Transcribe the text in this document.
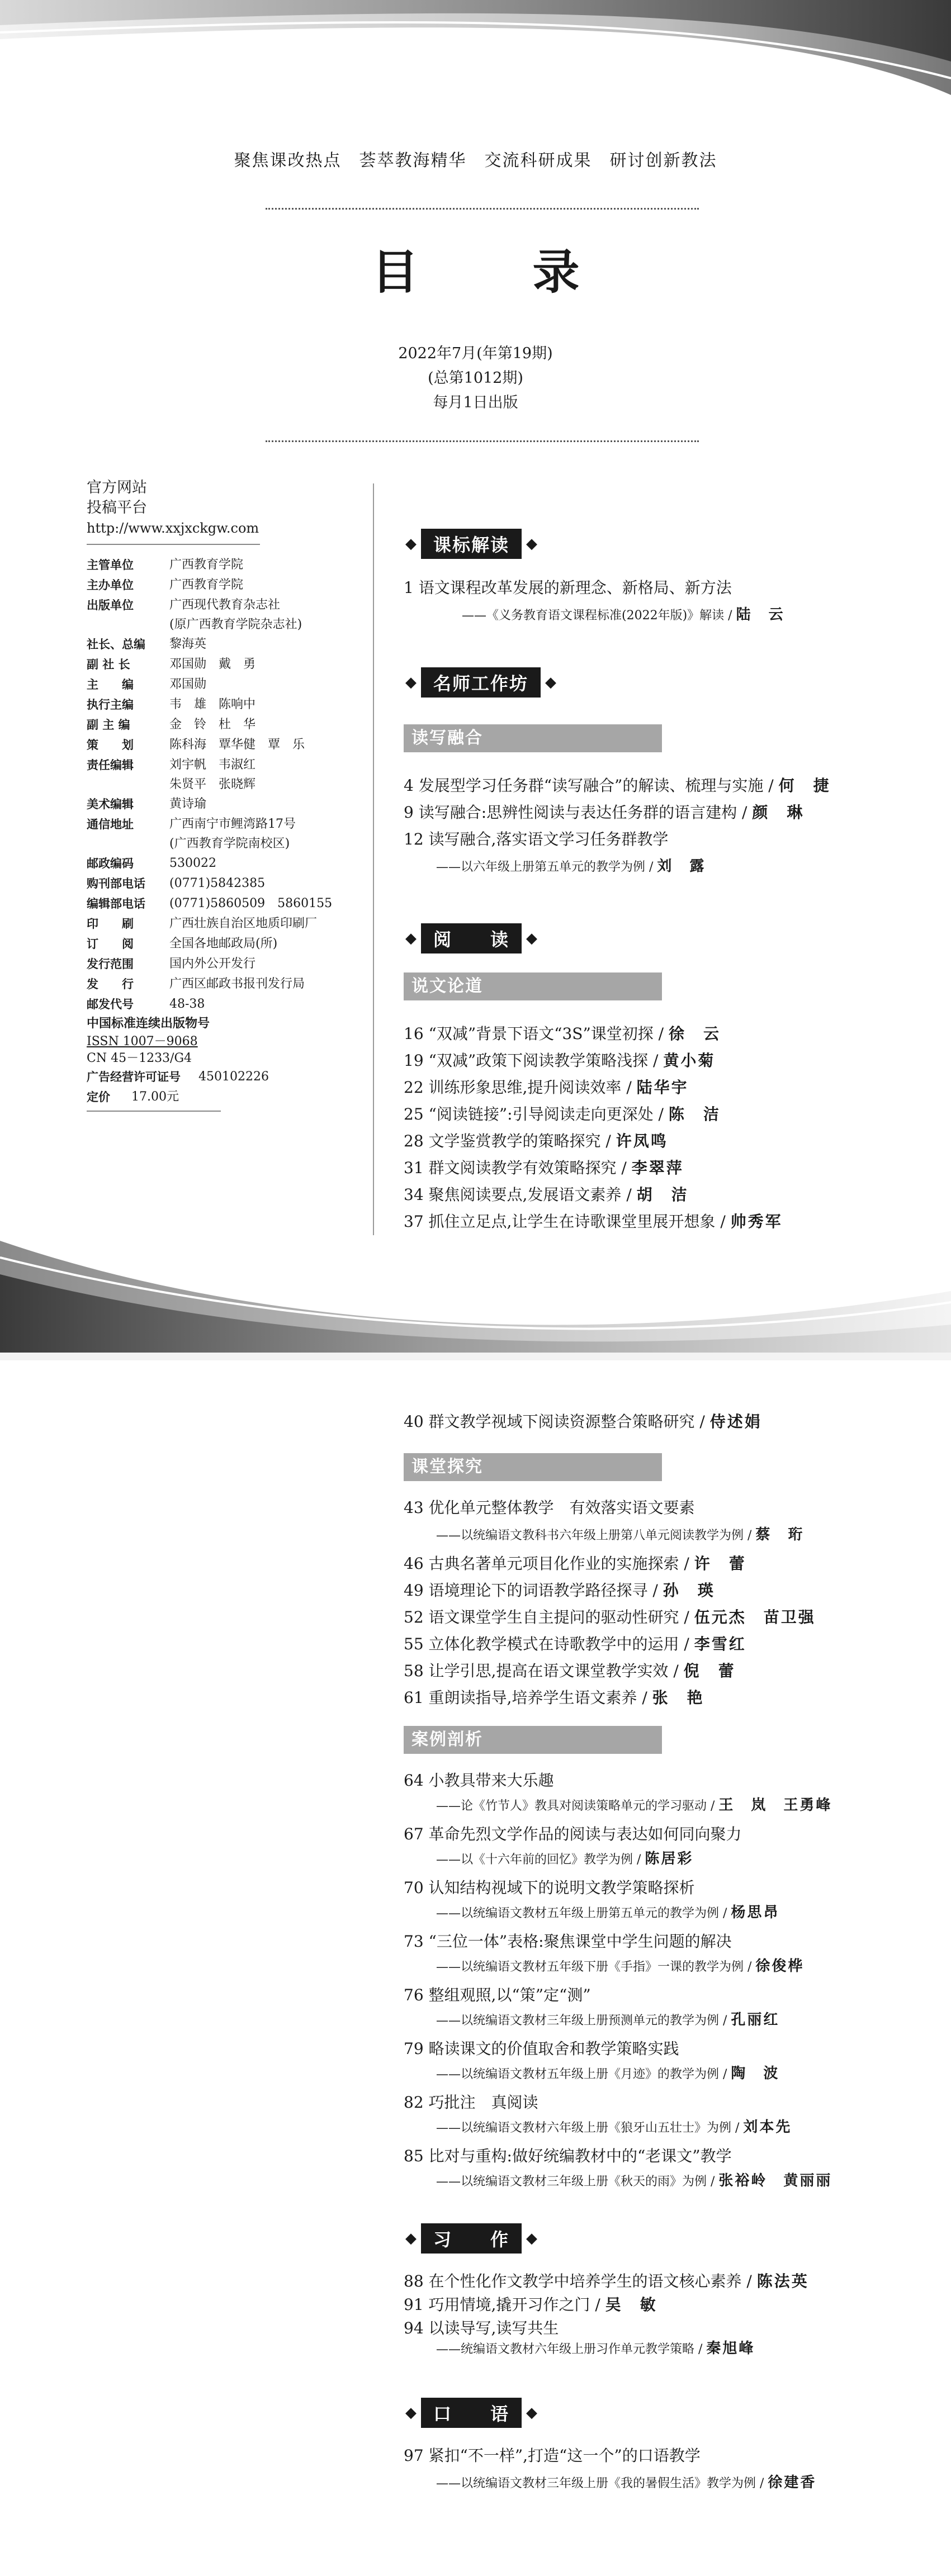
聚焦课改热点　荟萃教海精华　交流科研成果　研讨创新教法
目　录
2022年7月(年第19期)
(总第1012期)
每月1日出版
官方网站
投稿平台
http://www.xxjxckgw.com
主管单位	广西教育学院
主办单位	广西教育学院
出版单位	广西现代教育杂志社
(原广西教育学院杂志社)
社长、总编	黎海英
副 社 长	邓国勋　戴　勇
主　　编	邓国勋
执行主编	韦　雄　陈响中
副 主 编	金　铃　杜　华
策　　划	陈科海　覃华健　覃　乐
责任编辑	刘宇帆　韦淑红
朱贤平　张晓辉
美术编辑	黄诗瑜
通信地址	广西南宁市鲤湾路17号
(广西教育学院南校区)
邮政编码	530022
购刊部电话	(0771)5842385
编辑部电话	(0771)5860509　5860155
印　　刷	广西壮族自治区地质印刷厂
订　　阅	全国各地邮政局(所)
发行范围	国内外公开发行
发　　行	广西区邮政书报刊发行局
邮发代号	48-38
中国标准连续出版物号
ISSN 1007－9068
CN 45－1233/G4
广告经营许可证号	450102226
定价	17.00元
◆ 课标解读	◆
1 语文课程改革发展的新理念、新格局、新方法
——《义务教育语文课程标准(2022年版)》解读 / 陆　云
◆ 名师工作坊	◆
读写融合
4 发展型学习任务群“读写融合”的解读、梳理与实施 / 何　捷
9 读写融合:思辨性阅读与表达任务群的语言建构 / 颜　琳
12 读写融合,落实语文学习任务群教学
——以六年级上册第五单元的教学为例 / 刘　露
◆ 阅　　读	◆
说文论道
16 “双减”背景下语文“3S”课堂初探 / 徐　云
19 “双减”政策下阅读教学策略浅探 / 黄小菊
22 训练形象思维,提升阅读效率 / 陆华宇
25 “阅读链接”:引导阅读走向更深处 / 陈　洁
28 文学鉴赏教学的策略探究 / 许凤鸣
31 群文阅读教学有效策略探究 / 李翠萍
34 聚焦阅读要点,发展语文素养 / 胡　洁
37 抓住立足点,让学生在诗歌课堂里展开想象 / 帅秀军
40 群文教学视域下阅读资源整合策略研究 / 侍述娟
课堂探究
43 优化单元整体教学　有效落实语文要素
——以统编语文教科书六年级上册第八单元阅读教学为例 / 蔡　珩
46 古典名著单元项目化作业的实施探索 / 许　蕾
49 语境理论下的词语教学路径探寻 / 孙　瑛
52 语文课堂学生自主提问的驱动性研究 / 伍元杰　苗卫强
55 立体化教学模式在诗歌教学中的运用 / 李雪红
58 让学引思,提高在语文课堂教学实效 / 倪　蕾
61 重朗读指导,培养学生语文素养 / 张　艳
案例剖析
64 小教具带来大乐趣
——论《竹节人》教具对阅读策略单元的学习驱动 / 王　岚　王勇峰
67 革命先烈文学作品的阅读与表达如何同向聚力
——以《十六年前的回忆》教学为例 / 陈居彩
70 认知结构视域下的说明文教学策略探析
——以统编语文教材五年级上册第五单元的教学为例 / 杨思昂
73 “三位一体”表格:聚焦课堂中学生问题的解决
——以统编语文教材五年级下册《手指》一课的教学为例 / 徐俊桦
76 整组观照,以“策”定“测”
——以统编语文教材三年级上册预测单元的教学为例 / 孔丽红
79 略读课文的价值取舍和教学策略实践
——以统编语文教材五年级上册《月迹》的教学为例 / 陶　波
82 巧批注　真阅读
——以统编语文教材六年级上册《狼牙山五壮士》为例 / 刘本先
85 比对与重构:做好统编教材中的“老课文”教学
——以统编语文教材三年级上册《秋天的雨》为例 / 张裕岭　黄丽丽
◆ 习　　作	◆
88 在个性化作文教学中培养学生的语文核心素养 / 陈法英
91 巧用情境,撬开习作之门 / 吴　敏
94 以读导写,读写共生
——统编语文教材六年级上册习作单元教学策略 / 秦旭峰
◆ 口　　语	◆
97 紧扣“不一样”,打造“这一个”的口语教学
——以统编语文教材三年级上册《我的暑假生活》教学为例 / 徐建香
